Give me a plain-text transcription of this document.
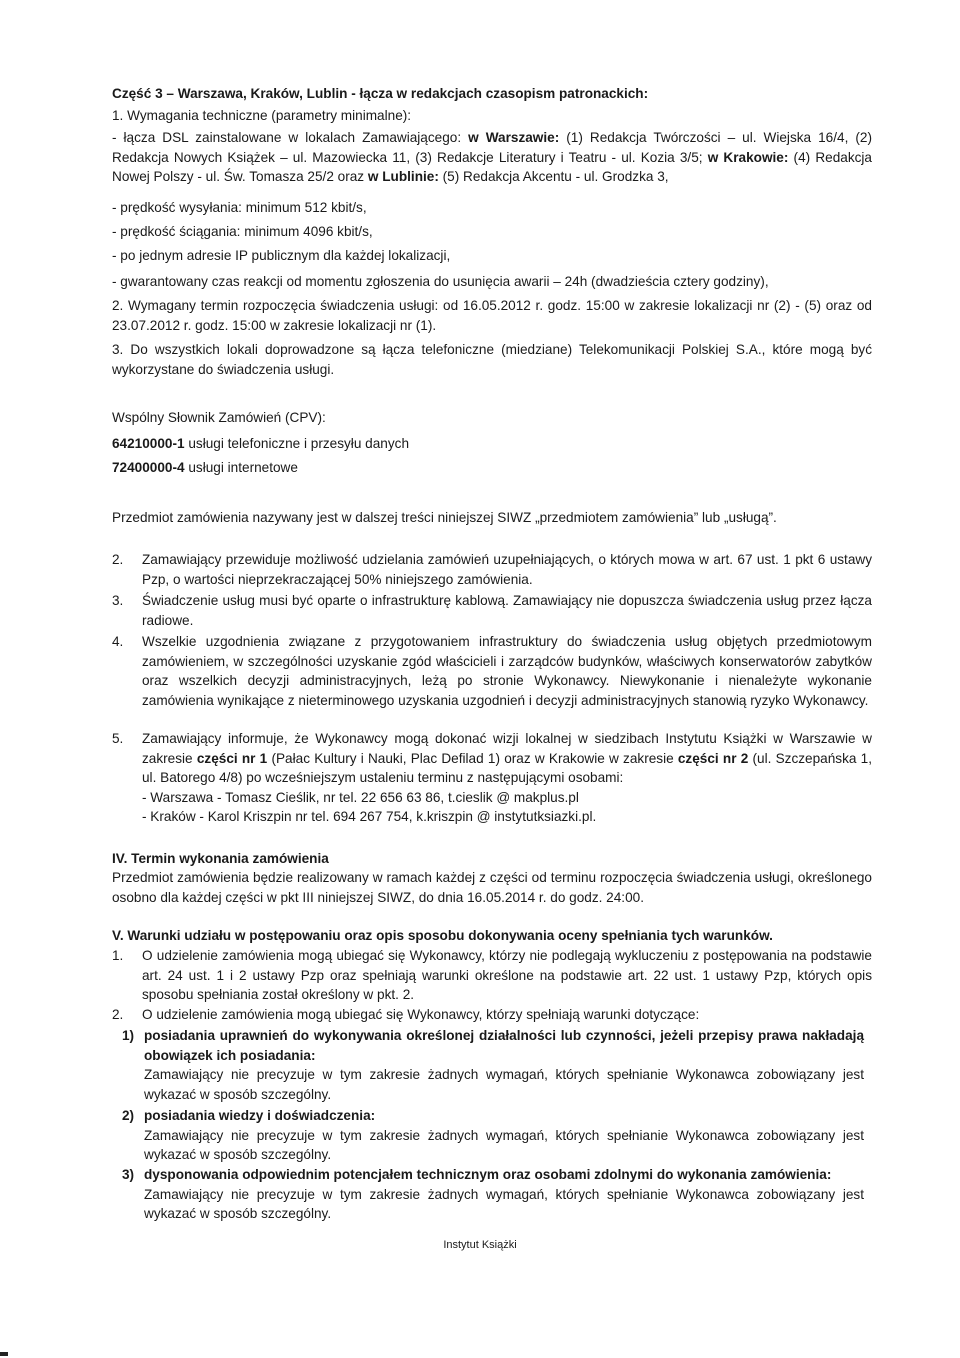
Część 3 – Warszawa, Kraków, Lublin - łącza w redakcjach czasopism patronackich:

1. Wymagania techniczne (parametry minimalne):

- łącza DSL zainstalowane w lokalach Zamawiającego: w Warszawie: (1) Redakcja Twórczości – ul. Wiejska 16/4, (2) Redakcja Nowych Książek – ul. Mazowiecka 11, (3) Redakcje Literatury i Teatru - ul. Kozia 3/5; w Krakowie: (4) Redakcja Nowej Polszy - ul. Św. Tomasza 25/2 oraz w Lublinie: (5) Redakcja Akcentu - ul. Grodzka 3,

- prędkość wysyłania: minimum 512 kbit/s,

- prędkość ściągania: minimum 4096 kbit/s,

- po jednym adresie IP publicznym dla każdej lokalizacji,

- gwarantowany czas reakcji od momentu zgłoszenia do usunięcia awarii – 24h (dwadzieścia cztery godziny),

2. Wymagany termin rozpoczęcia świadczenia usługi: od 16.05.2012 r. godz. 15:00 w zakresie lokalizacji nr (2) - (5) oraz od 23.07.2012 r. godz. 15:00 w zakresie lokalizacji nr (1).

3. Do wszystkich lokali doprowadzone są łącza telefoniczne (miedziane) Telekomunikacji Polskiej S.A., które mogą być wykorzystane do świadczenia usługi.

Wspólny Słownik Zamówień (CPV):

64210000-1 usługi telefoniczne i przesyłu danych

72400000-4 usługi internetowe

Przedmiot zamówienia nazywany jest w dalszej treści niniejszej SIWZ „przedmiotem zamówienia” lub „usługą”.

2. Zamawiający przewiduje możliwość udzielania zamówień uzupełniających, o których mowa w art. 67 ust. 1 pkt 6 ustawy Pzp, o wartości nieprzekraczającej 50% niniejszego zamówienia.
3. Świadczenie usług musi być oparte o infrastrukturę kablową. Zamawiający nie dopuszcza świadczenia usług przez łącza radiowe.
4. Wszelkie uzgodnienia związane z przygotowaniem infrastruktury do świadczenia usług objętych przedmiotowym zamówieniem, w szczególności uzyskanie zgód właścicieli i zarządców budynków, właściwych konserwatorów zabytków oraz wszelkich decyzji administracyjnych, leżą po stronie Wykonawcy. Niewykonanie i nienależyte wykonanie zamówienia wynikające z nieterminowego uzyskania uzgodnień i decyzji administracyjnych stanowią ryzyko Wykonawcy.
5. Zamawiający informuje, że Wykonawcy mogą dokonać wizji lokalnej w siedzibach Instytutu Książki w Warszawie w zakresie części nr 1 (Pałac Kultury i Nauki, Plac Defilad 1) oraz w Krakowie w zakresie części nr 2 (ul. Szczepańska 1, ul. Batorego 4/8) po wcześniejszym ustaleniu terminu z następującymi osobami:
- Warszawa - Tomasz Cieślik, nr tel. 22 656 63 86, t.cieslik @ makplus.pl
- Kraków - Karol Kriszpin nr tel. 694 267 754, k.kriszpin @ instytutksiazki.pl.

IV. Termin wykonania zamówienia

Przedmiot zamówienia będzie realizowany w ramach każdej z części od terminu rozpoczęcia świadczenia usługi, określonego osobno dla każdej części w pkt III niniejszej SIWZ, do dnia 16.05.2014 r. do godz. 24:00.

V. Warunki udziału w postępowaniu oraz opis sposobu dokonywania oceny spełniania tych warunków.

1. O udzielenie zamówienia mogą ubiegać się Wykonawcy, którzy nie podlegają wykluczeniu z postępowania na podstawie art. 24 ust. 1 i 2 ustawy Pzp oraz spełniają warunki określone na podstawie art. 22 ust. 1 ustawy Pzp, których opis sposobu spełniania został określony w pkt. 2.
2. O udzielenie zamówienia mogą ubiegać się Wykonawcy, którzy spełniają warunki dotyczące:
1) posiadania uprawnień do wykonywania określonej działalności lub czynności, jeżeli przepisy prawa nakładają obowiązek ich posiadania:
Zamawiający nie precyzuje w tym zakresie żadnych wymagań, których spełnianie Wykonawca zobowiązany jest wykazać w sposób szczególny.
2) posiadania wiedzy i doświadczenia:
Zamawiający nie precyzuje w tym zakresie żadnych wymagań, których spełnianie Wykonawca zobowiązany jest wykazać w sposób szczególny.
3) dysponowania odpowiednim potencjałem technicznym oraz osobami zdolnymi do wykonania zamówienia:
Zamawiający nie precyzuje w tym zakresie żadnych wymagań, których spełnianie Wykonawca zobowiązany jest wykazać w sposób szczególny.
Instytut Książki
